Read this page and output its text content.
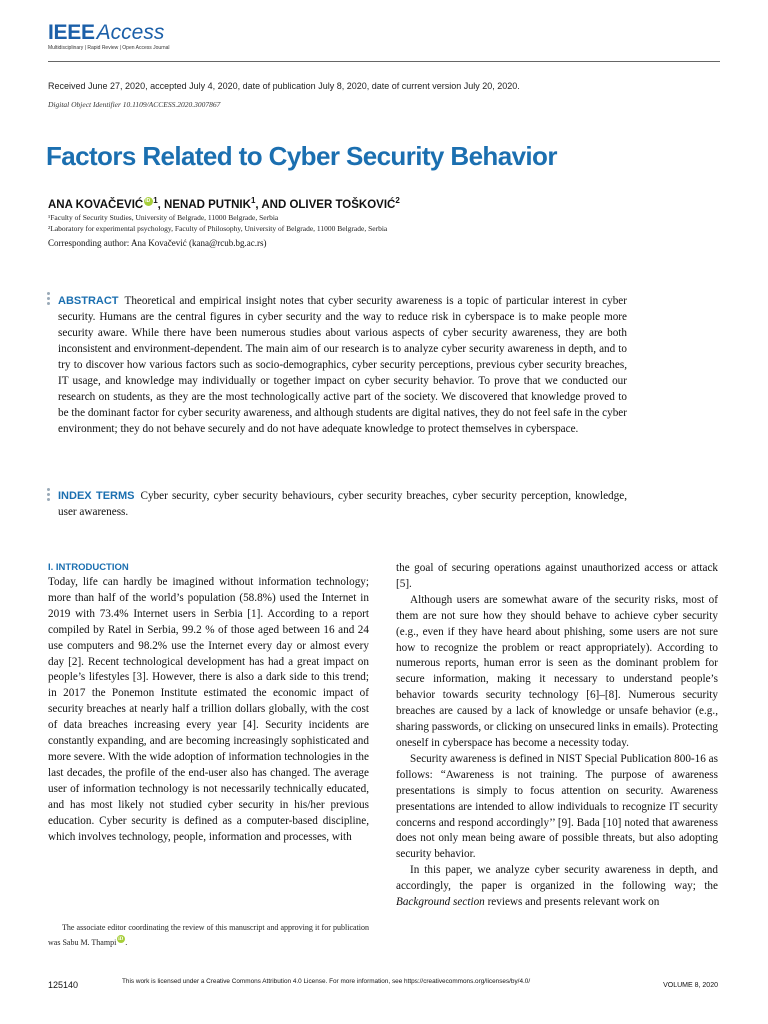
IEEEAccess
Multidisciplinary | Rapid Review | Open Access Journal
Received June 27, 2020, accepted July 4, 2020, date of publication July 8, 2020, date of current version July 20, 2020.
Digital Object Identifier 10.1109/ACCESS.2020.3007867
Factors Related to Cyber Security Behavior
ANA KOVAČEVIĆ iD $^1$, NENAD PUTNIK$^1$, AND OLIVER TOŠKOVIĆ$^2$
¹Faculty of Security Studies, University of Belgrade, 11000 Belgrade, Serbia
²Laboratory for experimental psychology, Faculty of Philosophy, University of Belgrade, 11000 Belgrade, Serbia
Corresponding author: Ana Kovačević (kana@rcub.bg.ac.rs)
ABSTRACT Theoretical and empirical insight notes that cyber security awareness is a topic of particular interest in cyber security. Humans are the central figures in cyber security and the way to reduce risk in cyberspace is to make people more security aware. While there have been numerous studies about various aspects of cyber security awareness, they are both inconsistent and environment-dependent. The main aim of our research is to analyze cyber security awareness in depth, and to try to discover how various factors such as socio-demographics, cyber security perceptions, previous cyber security breaches, IT usage, and knowledge may individually or together impact on cyber security behavior. To prove that we conducted our research on students, as they are the most technologically active part of the society. We discovered that knowledge proved to be the dominant factor for cyber security awareness, and although students are digital natives, they do not feel safe in the cyber environment; they do not behave securely and do not have adequate knowledge to protect themselves in cyberspace.
INDEX TERMS Cyber security, cyber security behaviours, cyber security breaches, cyber security perception, knowledge, user awareness.
I. INTRODUCTION

Today, life can hardly be imagined without information technology; more than half of the world’s population (58.8%) used the Internet in 2019 with 73.4% Internet users in Serbia [1]. According to a report compiled by Ratel in Serbia, 99.2 % of those aged between 16 and 24 use computers and 98.2% use the Internet every day or almost every day [2]. Recent technological development has had a great impact on people’s lifestyles [3]. However, there is also a dark side to this trend; in 2017 the Ponemon Institute estimated the economic impact of security breaches at nearly half a trillion dollars globally, with the cost of data breaches increasing every year [4]. Security incidents are constantly expanding, and are becoming increasingly sophisticated and more severe. With the wide adoption of information technologies in the last decades, the profile of the end-user also has changed. The average user of information technology is not necessarily technically educated, and has most likely not studied cyber security in his/her previous education. Cyber security is defined as a computer-based discipline, which involves technology, people, information and processes, with

the goal of securing operations against unauthorized access or attack [5].

Although users are somewhat aware of the security risks, most of them are not sure how they should behave to achieve cyber security (e.g., even if they have heard about phishing, some users are not sure how to recognize the problem or react appropriately). According to numerous reports, human error is seen as the dominant problem for secure information, making it necessary to understand people’s behavior towards security technology [6]–[8]. Numerous security breaches are caused by a lack of knowledge or unsafe behavior (e.g., sharing passwords, or clicking on unsecured links in emails). Protecting oneself in cyberspace has become a necessity today.

Security awareness is defined in NIST Special Publication 800-16 as follows: “Awareness is not training. The purpose of awareness presentations is simply to focus attention on security. Awareness presentations are intended to allow individuals to recognize IT security concerns and respond accordingly’’ [9]. Bada [10] noted that awareness does not only mean being aware of possible threats, but also adopting security behavior.

In this paper, we analyze cyber security awareness in depth, and accordingly, the paper is organized in the following way; the Background section reviews and presents relevant work on

The associate editor coordinating the review of this manuscript and approving it for publication was Sabu M. Thampi iD .
125140	This work is licensed under a Creative Commons Attribution 4.0 License. For more information, see https://creativecommons.org/licenses/by/4.0/
VOLUME 8, 2020
